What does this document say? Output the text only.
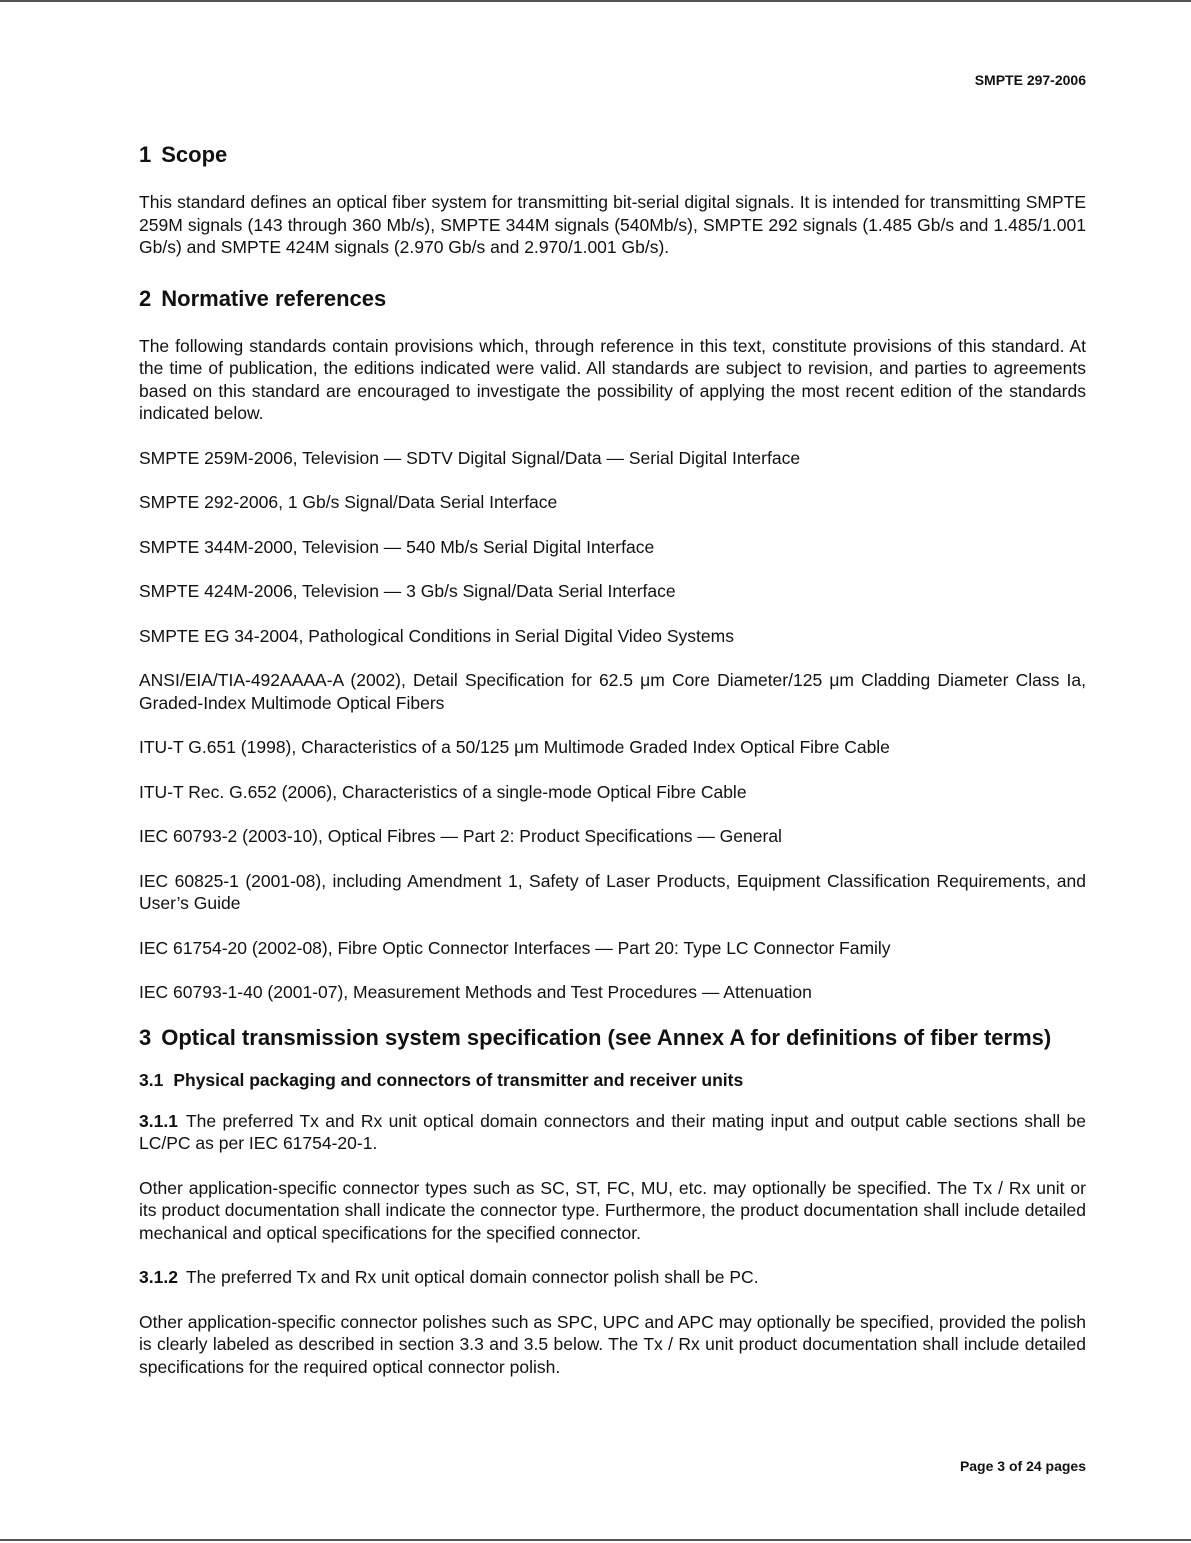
SMPTE 297-2006
1 Scope

This standard defines an optical fiber system for transmitting bit-serial digital signals. It is intended for transmitting SMPTE 259M signals (143 through 360 Mb/s), SMPTE 344M signals (540Mb/s), SMPTE 292 signals (1.485 Gb/s and 1.485/1.001 Gb/s) and SMPTE 424M signals (2.970 Gb/s and 2.970/1.001 Gb/s).

2 Normative references

The following standards contain provisions which, through reference in this text, constitute provisions of this standard. At the time of publication, the editions indicated were valid. All standards are subject to revision, and parties to agreements based on this standard are encouraged to investigate the possibility of applying the most recent edition of the standards indicated below.

SMPTE 259M-2006, Television — SDTV Digital Signal/Data — Serial Digital Interface

SMPTE 292-2006, 1 Gb/s Signal/Data Serial Interface

SMPTE 344M-2000, Television — 540 Mb/s Serial Digital Interface

SMPTE 424M-2006, Television — 3 Gb/s Signal/Data Serial Interface

SMPTE EG 34-2004, Pathological Conditions in Serial Digital Video Systems

ANSI/EIA/TIA-492AAAA-A (2002), Detail Specification for 62.5 μm Core Diameter/125 μm Cladding Diameter Class Ia, Graded-Index Multimode Optical Fibers

ITU-T G.651 (1998), Characteristics of a 50/125 μm Multimode Graded Index Optical Fibre Cable

ITU-T Rec. G.652 (2006), Characteristics of a single-mode Optical Fibre Cable

IEC 60793-2 (2003-10), Optical Fibres — Part 2: Product Specifications — General

IEC 60825-1 (2001-08), including Amendment 1, Safety of Laser Products, Equipment Classification Requirements, and User’s Guide

IEC 61754-20 (2002-08), Fibre Optic Connector Interfaces — Part 20: Type LC Connector Family

IEC 60793-1-40 (2001-07), Measurement Methods and Test Procedures — Attenuation

3 Optical transmission system specification (see Annex A for definitions of fiber terms)
3.1 Physical packaging and connectors of transmitter and receiver units

3.1.1 The preferred Tx and Rx unit optical domain connectors and their mating input and output cable sections shall be LC/PC as per IEC 61754-20-1.

Other application-specific connector types such as SC, ST, FC, MU, etc. may optionally be specified. The Tx / Rx unit or its product documentation shall indicate the connector type. Furthermore, the product documentation shall include detailed mechanical and optical specifications for the specified connector.

3.1.2 The preferred Tx and Rx unit optical domain connector polish shall be PC.

Other application-specific connector polishes such as SPC, UPC and APC may optionally be specified, provided the polish is clearly labeled as described in section 3.3 and 3.5 below. The Tx / Rx unit product documentation shall include detailed specifications for the required optical connector polish.

Page 3 of 24 pages
